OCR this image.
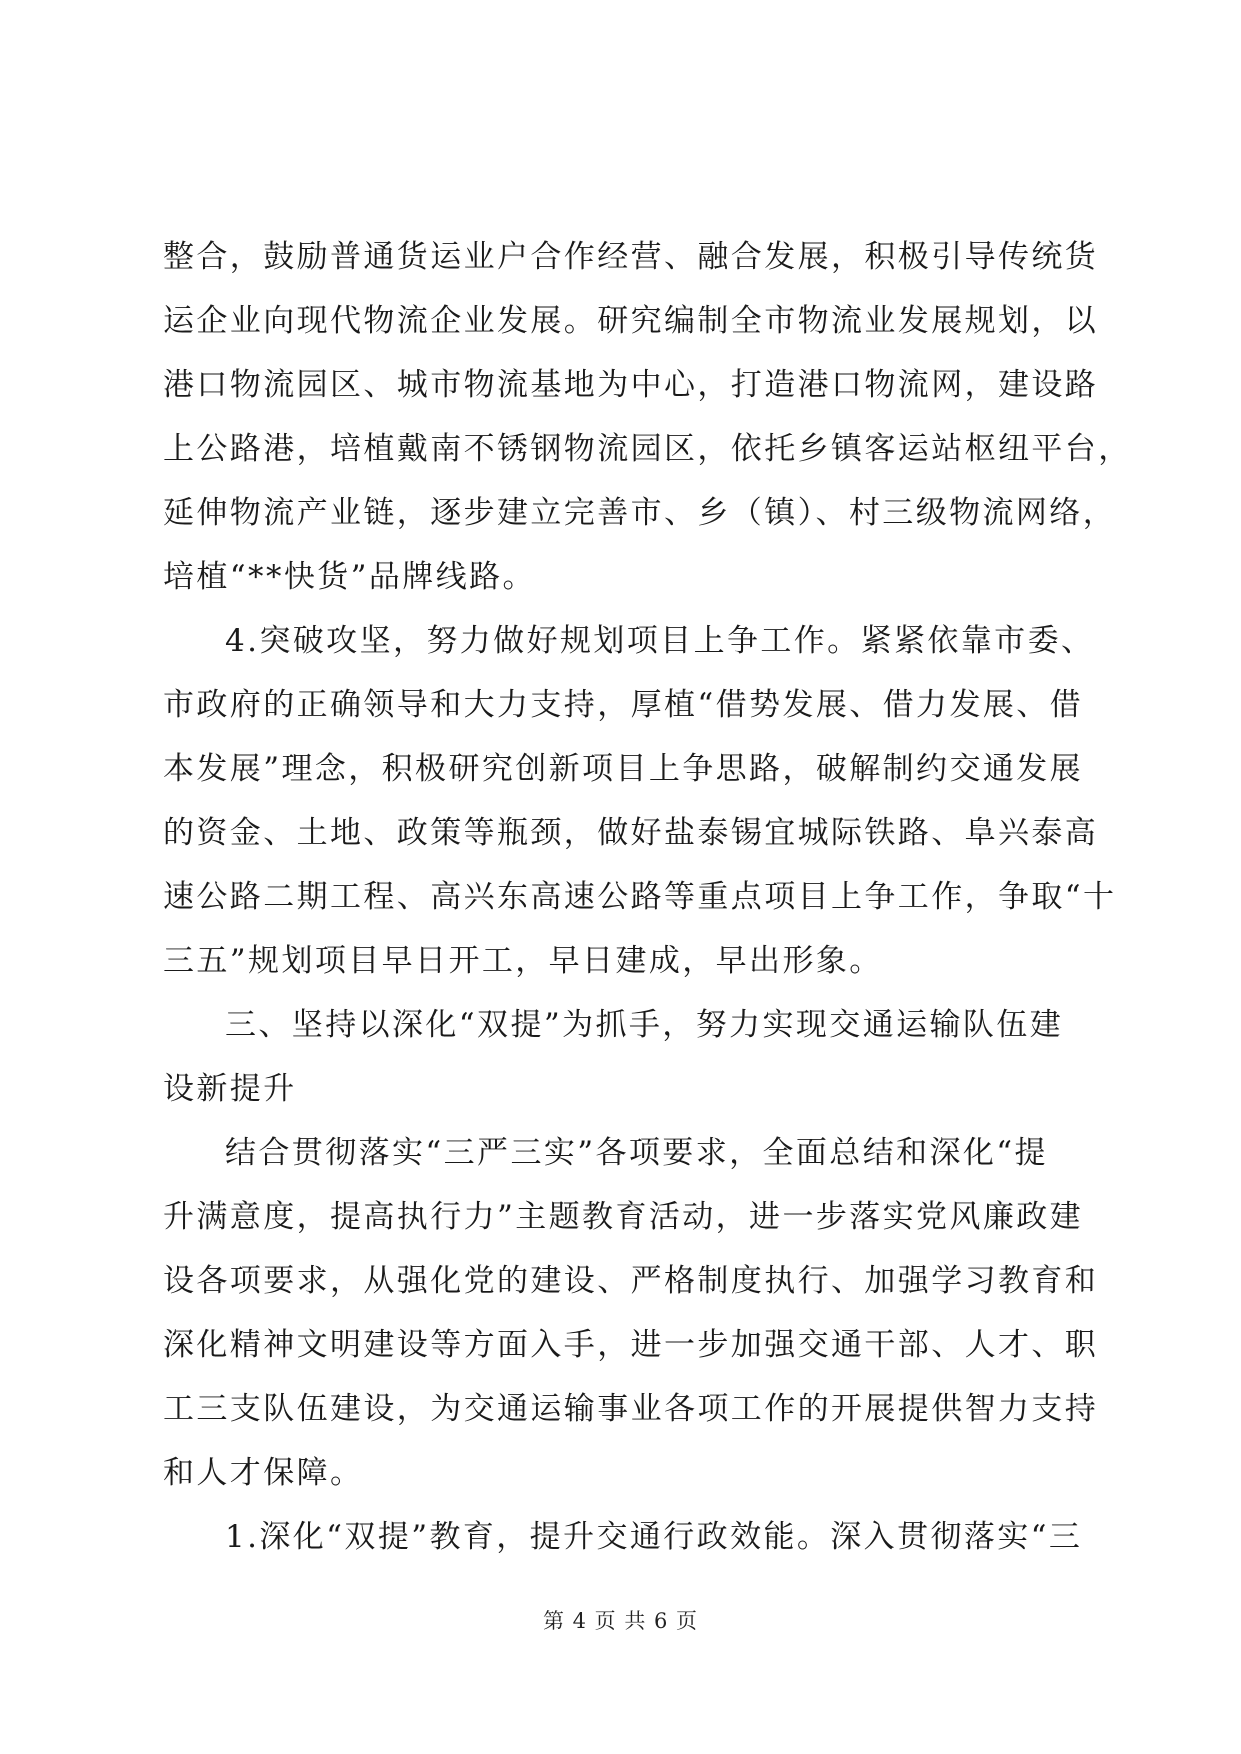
整合，鼓励普通货运业户合作经营、融合发展，积极引导传统货

运企业向现代物流企业发展。研究编制全市物流业发展规划，以

港口物流园区、城市物流基地为中心，打造港口物流网，建设路

上公路港，培植戴南不锈钢物流园区，依托乡镇客运站枢纽平台，

延伸物流产业链，逐步建立完善市、乡（镇）、村三级物流网络，

培植“**快货”品牌线路。

4.突破攻坚，努力做好规划项目上争工作。紧紧依靠市委、

市政府的正确领导和大力支持，厚植“借势发展、借力发展、借

本发展”理念，积极研究创新项目上争思路，破解制约交通发展

的资金、土地、政策等瓶颈，做好盐泰锡宜城际铁路、阜兴泰高

速公路二期工程、高兴东高速公路等重点项目上争工作，争取“十

三五”规划项目早日开工，早日建成，早出形象。

三、坚持以深化“双提”为抓手，努力实现交通运输队伍建

设新提升

结合贯彻落实“三严三实”各项要求，全面总结和深化“提

升满意度，提高执行力”主题教育活动，进一步落实党风廉政建

设各项要求，从强化党的建设、严格制度执行、加强学习教育和

深化精神文明建设等方面入手，进一步加强交通干部、人才、职

工三支队伍建设，为交通运输事业各项工作的开展提供智力支持

和人才保障。

1.深化“双提”教育，提升交通行政效能。深入贯彻落实“三

第 4 页 共 6 页
